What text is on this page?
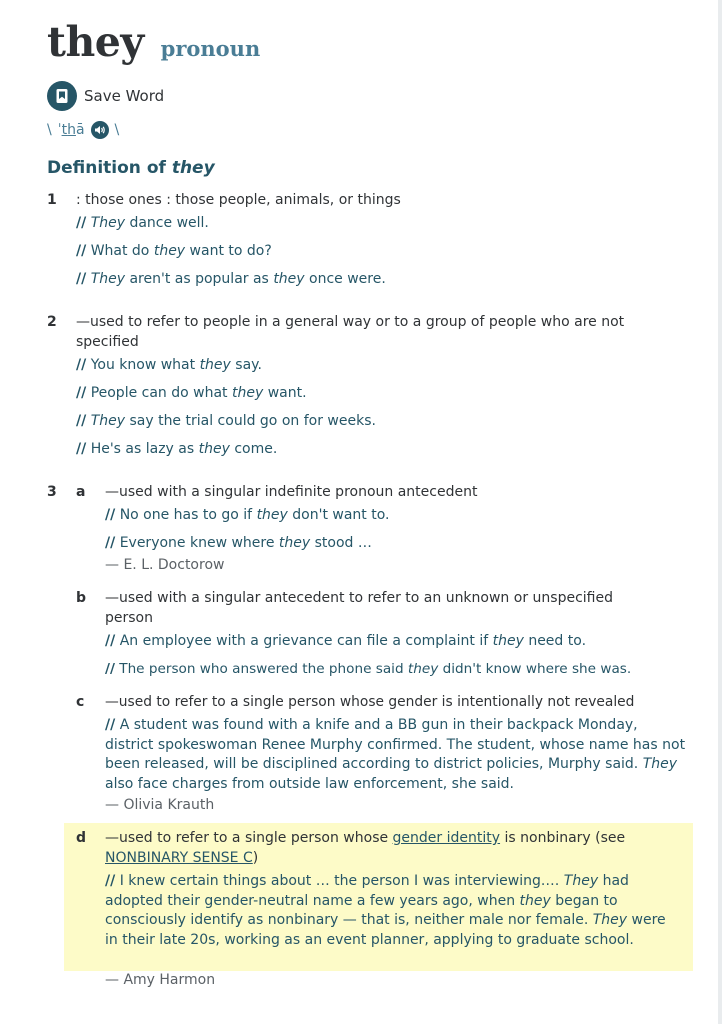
they pronoun
Save Word
\ ˈ t h ā \
Definition of they
1 : those ones : those people, animals, or things
// They dance well.
// What do they want to do?
// They aren't as popular as they once were.
2 —used to refer to people in a general way or to a group of people who are not specified
// You know what they say.
// People can do what they want.
// They say the trial could go on for weeks.
// He's as lazy as they come.
3 a —used with a singular indefinite pronoun antecedent
// No one has to go if they don't want to.
// Everyone knew where they stood …
— E. L. Doctorow
b —used with a singular antecedent to refer to an unknown or unspecified person
// An employee with a grievance can file a complaint if they need to.
// The person who answered the phone said they didn't know where she was.
c —used to refer to a single person whose gender is intentionally not revealed
// A student was found with a knife and a BB gun in their backpack Monday, district spokeswoman Renee Murphy confirmed. The student, whose name has not been released, will be disciplined according to district policies, Murphy said. They also face charges from outside law enforcement, she said.
— Olivia Krauth
d —used to refer to a single person whose gender identity is nonbinary (see NONBINARY SENSE C)
// I knew certain things about … the person I was interviewing.… They had adopted their gender-neutral name a few years ago, when they began to consciously identify as nonbinary — that is, neither male nor female. They were in their late 20s, working as an event planner, applying to graduate school.
— Amy Harmon
